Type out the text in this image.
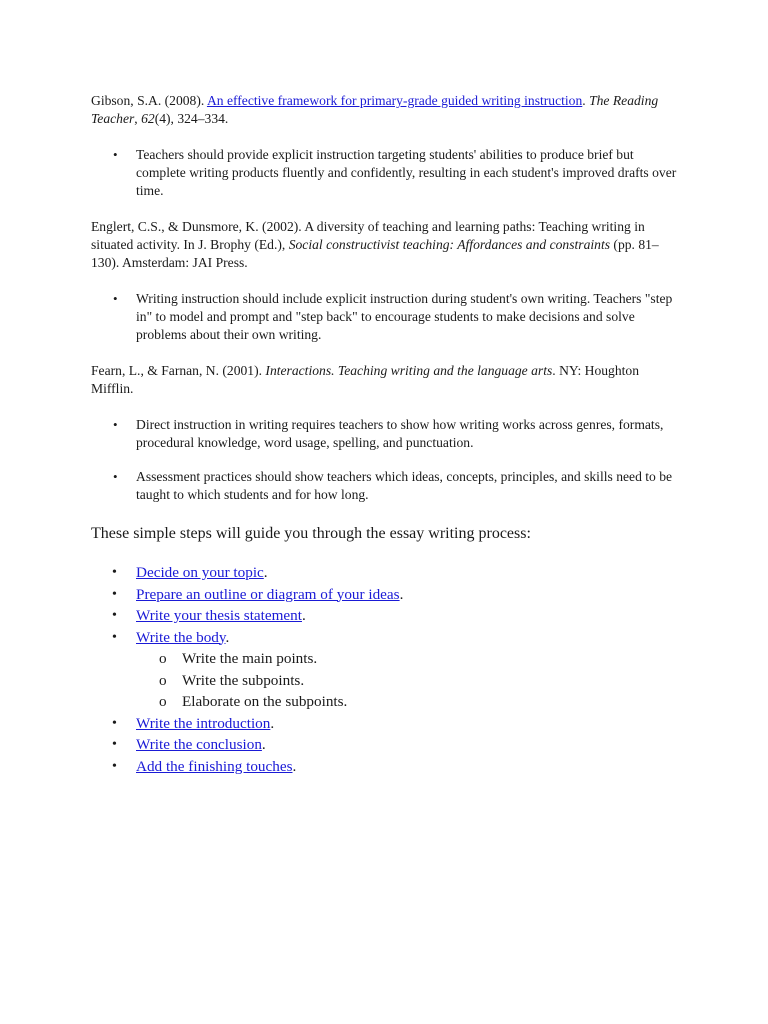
Gibson, S.A. (2008). An effective framework for primary-grade guided writing instruction. The Reading Teacher, 62(4), 324–334.

• Teachers should provide explicit instruction targeting students' abilities to produce brief but complete writing products fluently and confidently, resulting in each student's improved drafts over time.

Englert, C.S., & Dunsmore, K. (2002). A diversity of teaching and learning paths: Teaching writing in situated activity. In J. Brophy (Ed.), Social constructivist teaching: Affordances and constraints (pp. 81–130). Amsterdam: JAI Press.

• Writing instruction should include explicit instruction during student's own writing. Teachers "step in" to model and prompt and "step back" to encourage students to make decisions and solve problems about their own writing.

Fearn, L., & Farnan, N. (2001). Interactions. Teaching writing and the language arts. NY: Houghton Mifflin.

• Direct instruction in writing requires teachers to show how writing works across genres, formats, procedural knowledge, word usage, spelling, and punctuation.
• Assessment practices should show teachers which ideas, concepts, principles, and skills need to be taught to which students and for how long.

These simple steps will guide you through the essay writing process:

• Decide on your topic.
• Prepare an outline or diagram of your ideas.
• Write your thesis statement.
• Write the body.
o Write the main points.
o Write the subpoints.
o Elaborate on the subpoints.
• Write the introduction.
• Write the conclusion.
• Add the finishing touches.
